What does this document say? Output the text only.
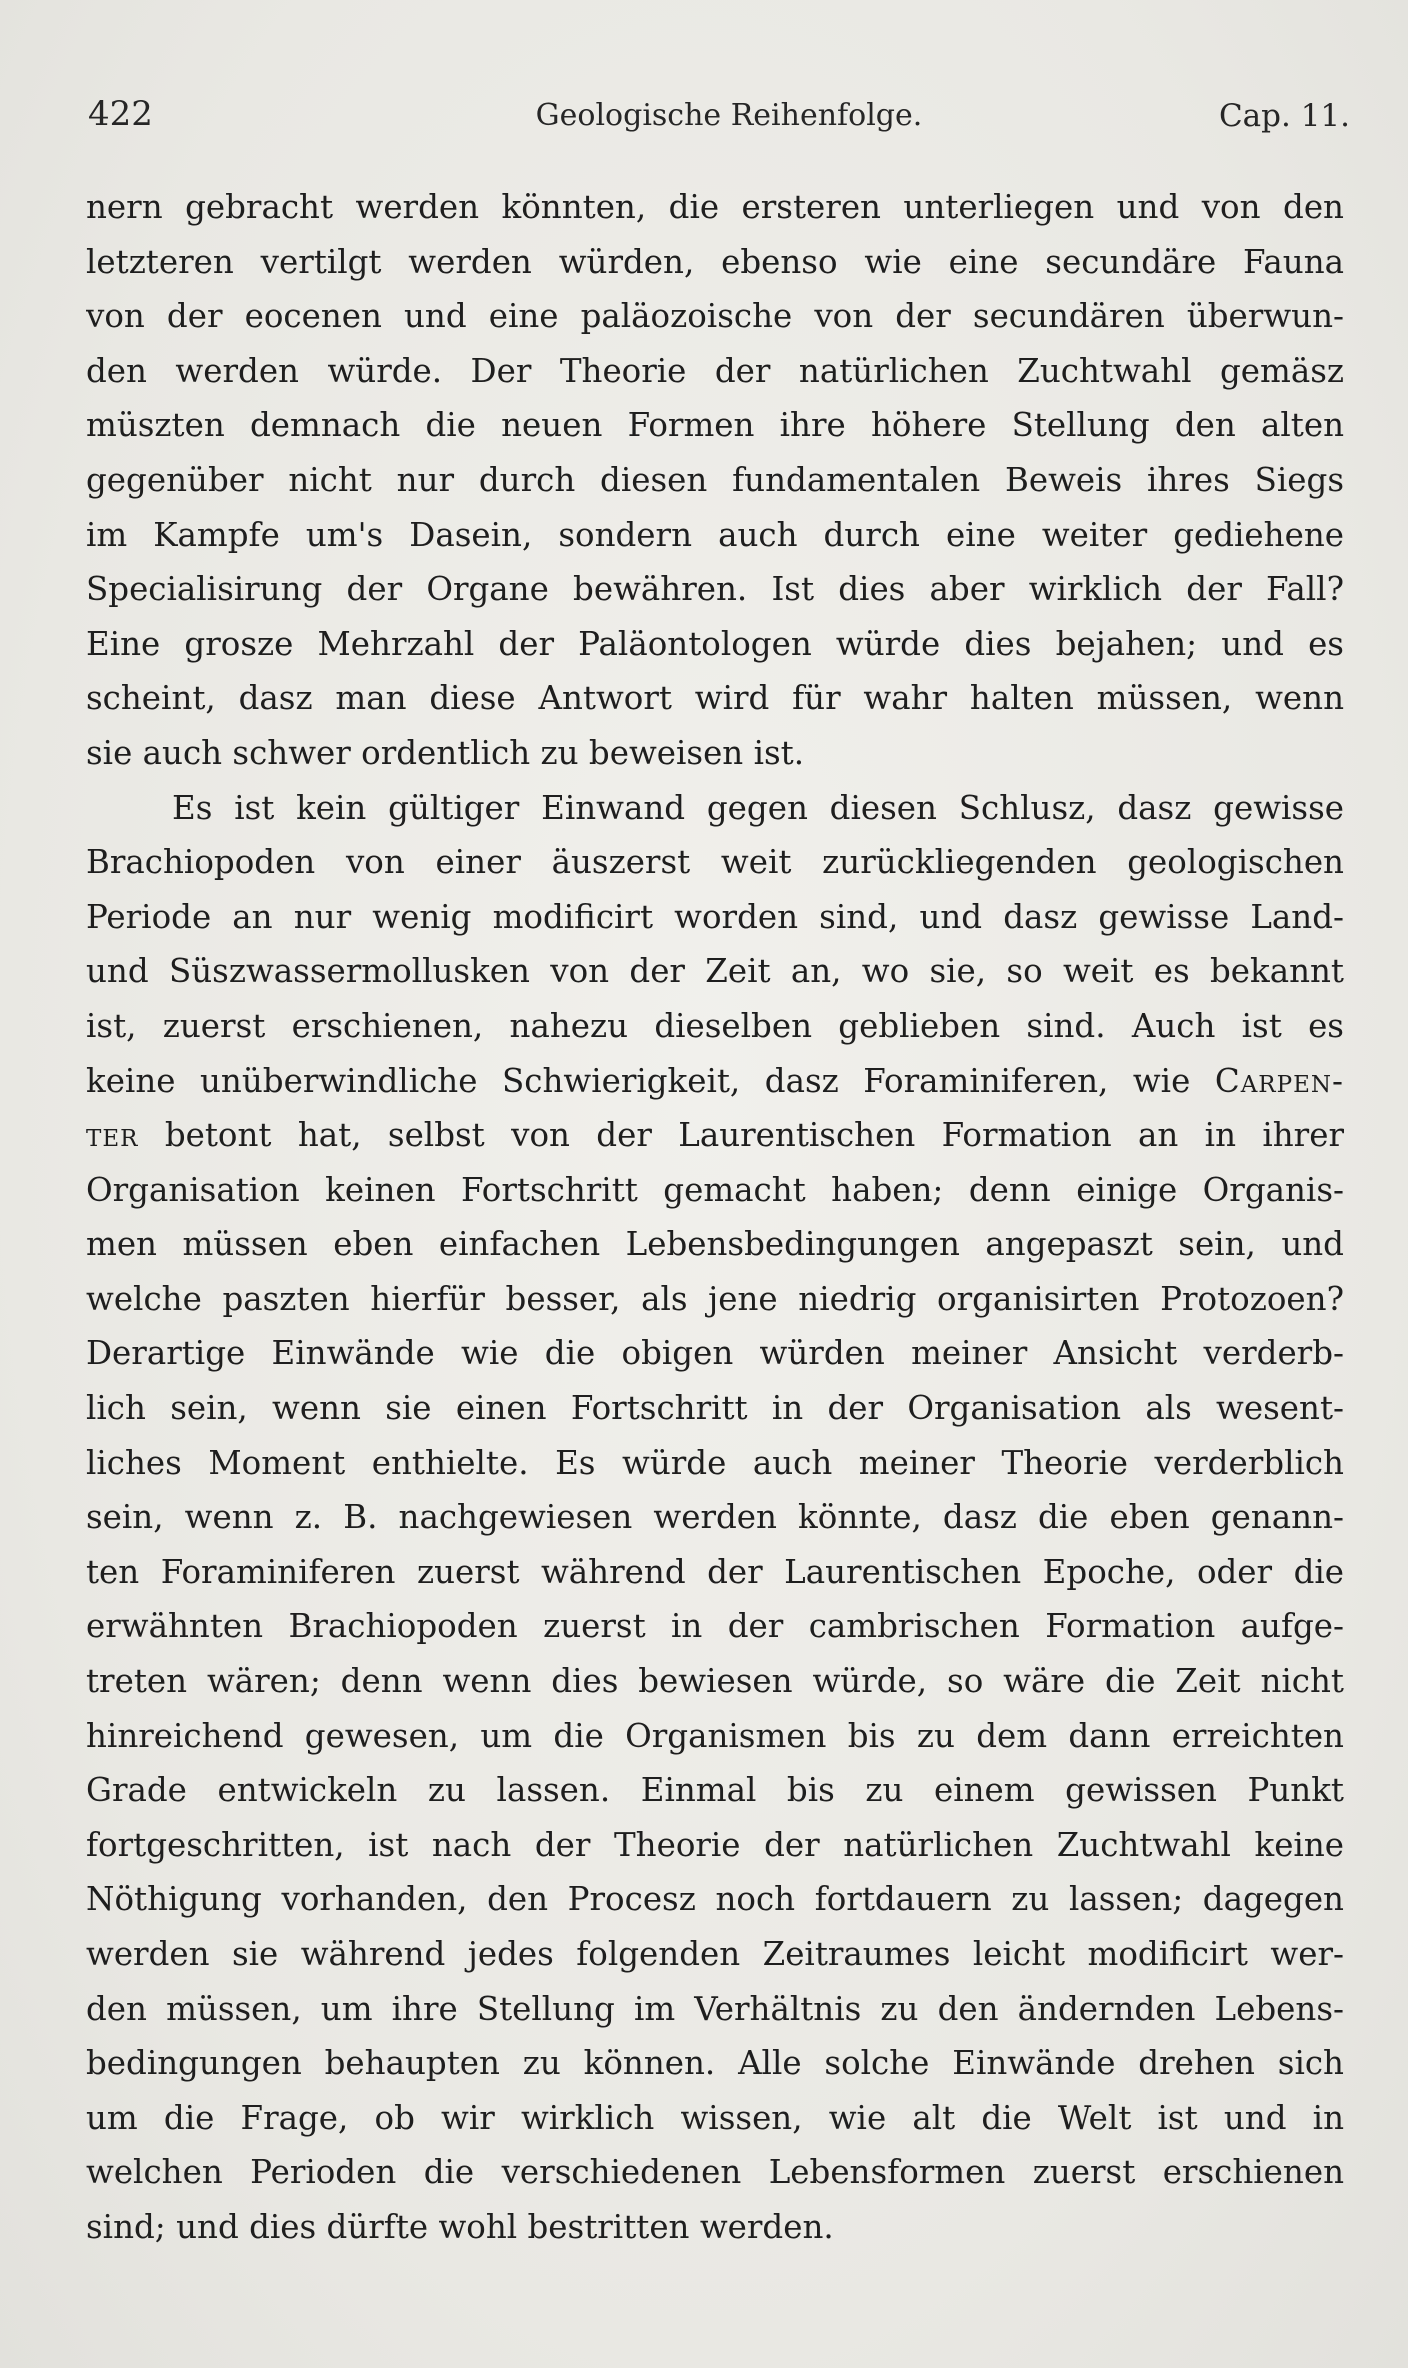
422	Geologische Reihenfolge.	Cap. 11.
nern gebracht werden könnten, die ersteren unterliegen und von den
letzteren vertilgt werden würden, ebenso wie eine secundäre Fauna
von der eocenen und eine paläozoische von der secundären überwun-
den werden würde. Der Theorie der natürlichen Zuchtwahl gemäsz
müszten demnach die neuen Formen ihre höhere Stellung den alten
gegenüber nicht nur durch diesen fundamentalen Beweis ihres Siegs
im Kampfe um's Dasein, sondern auch durch eine weiter gediehene
Specialisirung der Organe bewähren. Ist dies aber wirklich der Fall?
Eine grosze Mehrzahl der Paläontologen würde dies bejahen; und es
scheint, dasz man diese Antwort wird für wahr halten müssen, wenn
sie auch schwer ordentlich zu beweisen ist.
Es ist kein gültiger Einwand gegen diesen Schlusz, dasz gewisse
Brachiopoden von einer äuszerst weit zurückliegenden geologischen
Periode an nur wenig modificirt worden sind, und dasz gewisse Land-
und Süszwassermollusken von der Zeit an, wo sie, so weit es bekannt
ist, zuerst erschienen, nahezu dieselben geblieben sind. Auch ist es
keine unüberwindliche Schwierigkeit, dasz Foraminiferen, wie Carpen-
ter betont hat, selbst von der Laurentischen Formation an in ihrer
Organisation keinen Fortschritt gemacht haben; denn einige Organis-
men müssen eben einfachen Lebensbedingungen angepaszt sein, und
welche paszten hierfür besser, als jene niedrig organisirten Protozoen?
Derartige Einwände wie die obigen würden meiner Ansicht verderb-
lich sein, wenn sie einen Fortschritt in der Organisation als wesent-
liches Moment enthielte. Es würde auch meiner Theorie verderblich
sein, wenn z. B. nachgewiesen werden könnte, dasz die eben genann-
ten Foraminiferen zuerst während der Laurentischen Epoche, oder die
erwähnten Brachiopoden zuerst in der cambrischen Formation aufge-
treten wären; denn wenn dies bewiesen würde, so wäre die Zeit nicht
hinreichend gewesen, um die Organismen bis zu dem dann erreichten
Grade entwickeln zu lassen. Einmal bis zu einem gewissen Punkt
fortgeschritten, ist nach der Theorie der natürlichen Zuchtwahl keine
Nöthigung vorhanden, den Procesz noch fortdauern zu lassen; dagegen
werden sie während jedes folgenden Zeitraumes leicht modificirt wer-
den müssen, um ihre Stellung im Verhältnis zu den ändernden Lebens-
bedingungen behaupten zu können. Alle solche Einwände drehen sich
um die Frage, ob wir wirklich wissen, wie alt die Welt ist und in
welchen Perioden die verschiedenen Lebensformen zuerst erschienen
sind; und dies dürfte wohl bestritten werden.
